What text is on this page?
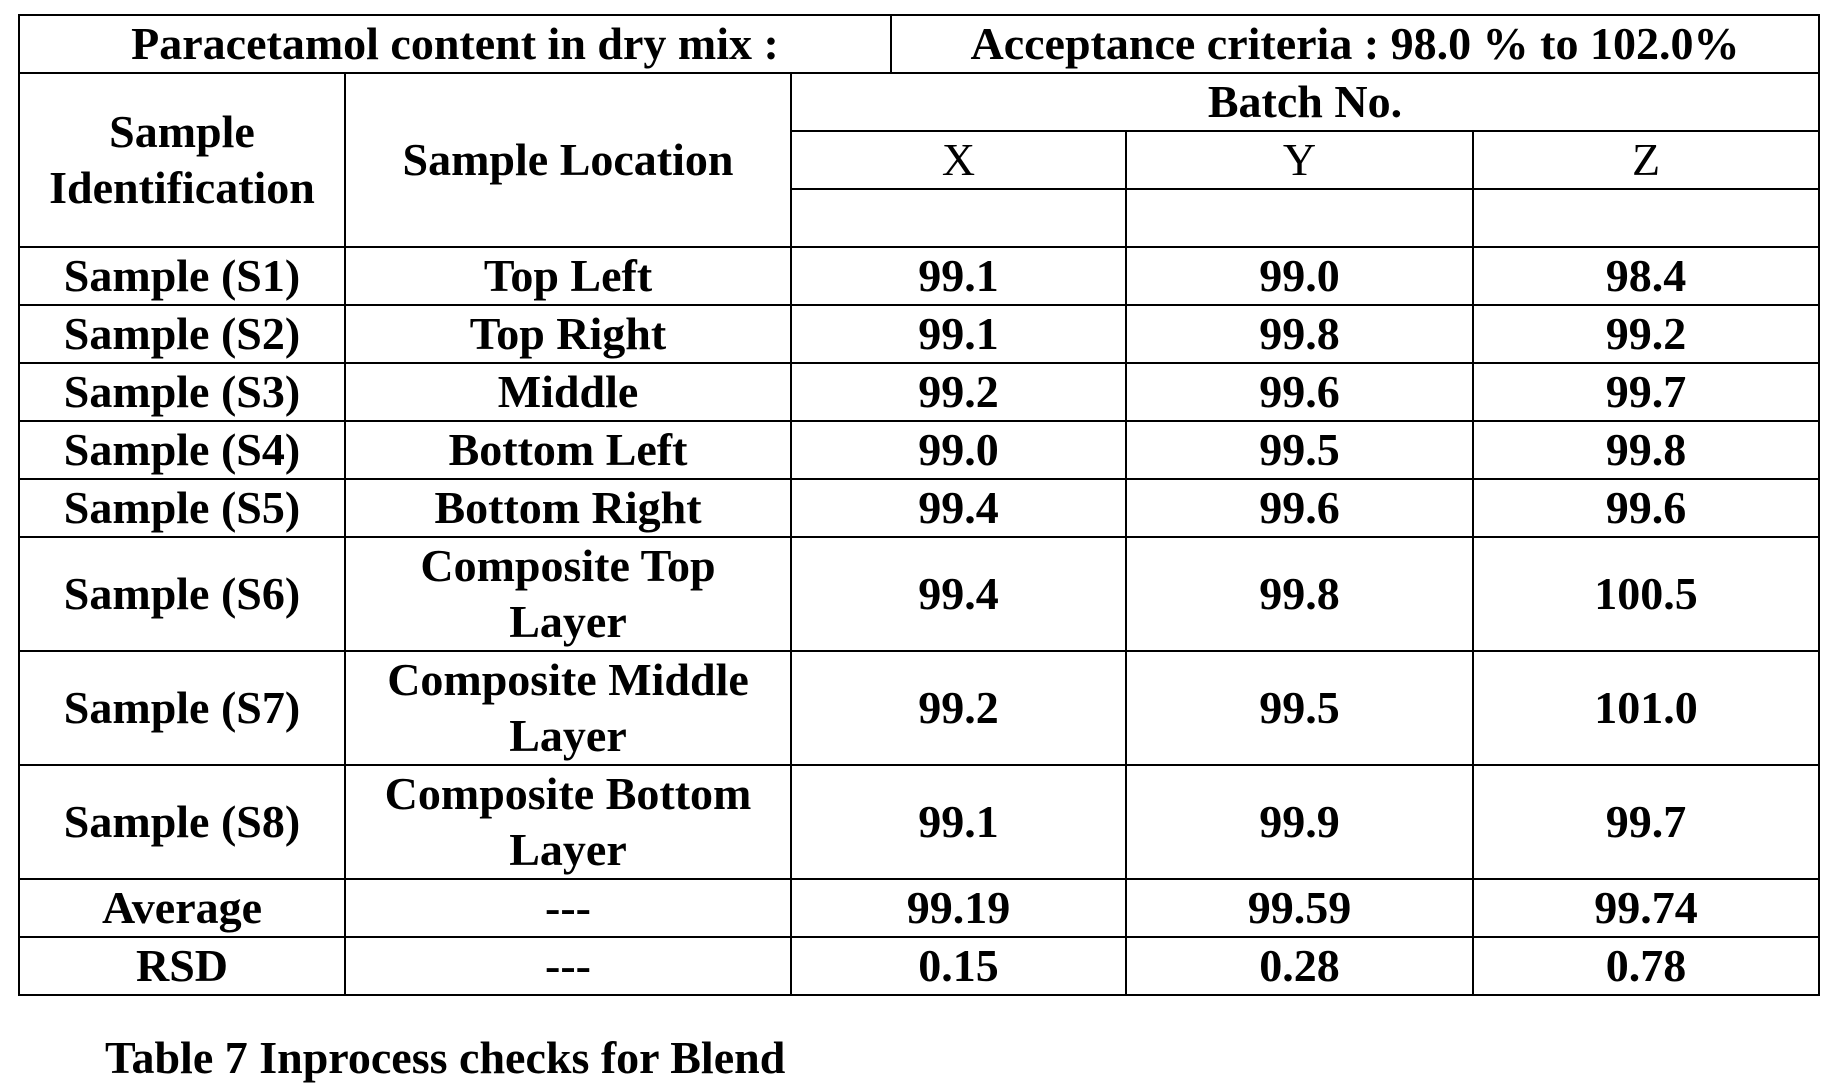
Paracetamol content in dry mix :			Acceptance criteria : 98.0 % to 102.0%		
Sample Identification	Sample Location	Batch No.			
		X		Y	Z

Sample (S1)	Top Left	99.1		99.0	98.4
Sample (S2)	Top Right	99.1		99.8	99.2
Sample (S3)	Middle	99.2		99.6	99.7
Sample (S4)	Bottom Left	99.0		99.5	99.8
Sample (S5)	Bottom Right	99.4		99.6	99.6
Sample (S6)	Composite Top Layer	99.4		99.8	100.5
Sample (S7)	Composite Middle Layer	99.2		99.5	101.0
Sample (S8)	Composite Bottom Layer	99.1		99.9	99.7
Average	---	99.19		99.59	99.74
RSD	---	0.15		0.28	0.78
Table 7 Inprocess checks for Blend
